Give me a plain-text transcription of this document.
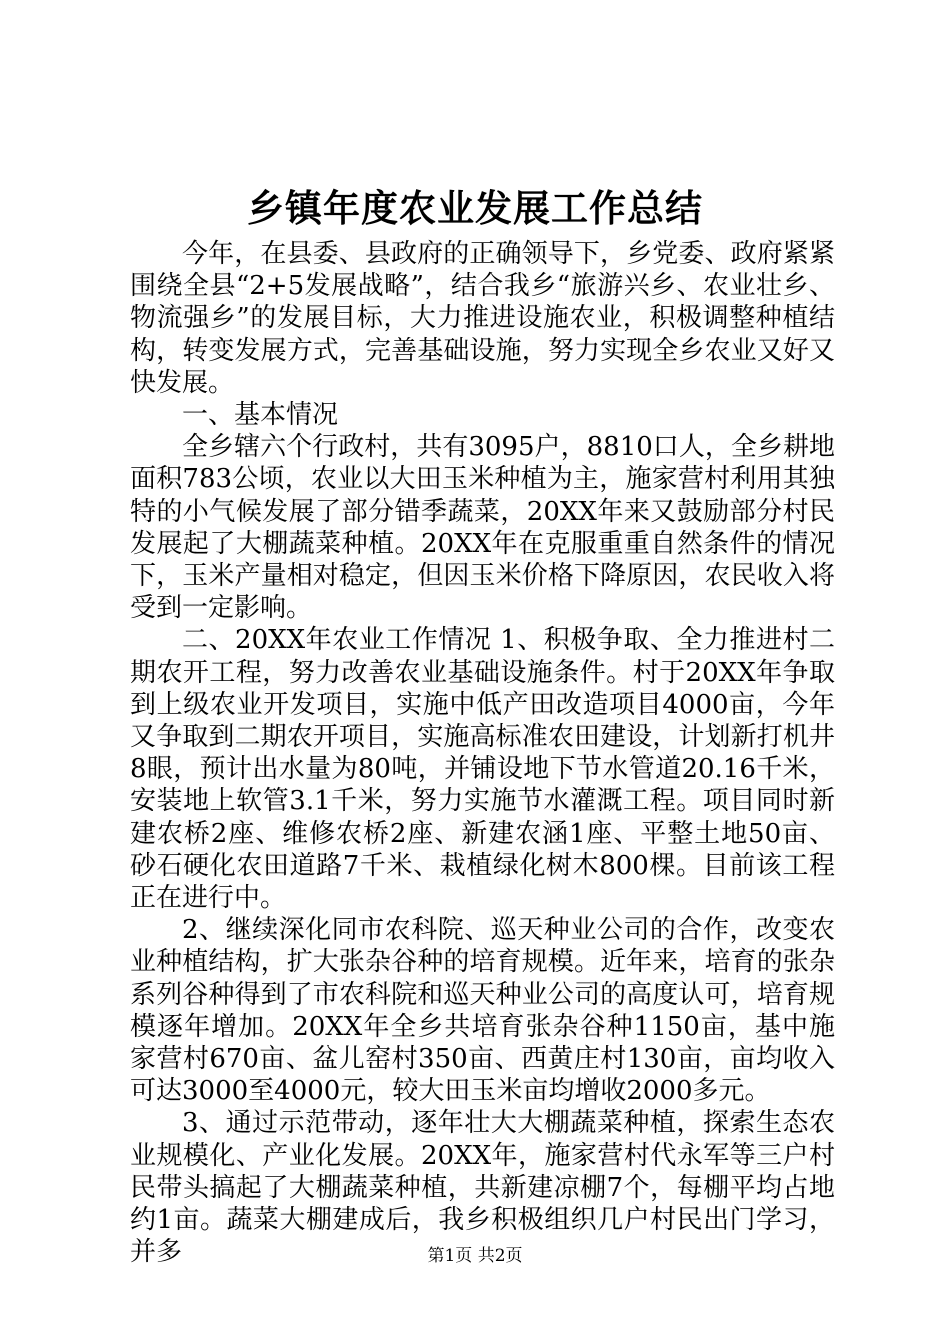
乡镇年度农业发展工作总结

今年，在县委、县政府的正确领导下，乡党委、政府紧紧围绕全县“2+5发展战略”，结合我乡“旅游兴乡、农业壮乡、物流强乡”的发展目标，大力推进设施农业，积极调整种植结构，转变发展方式，完善基础设施，努力实现全乡农业又好又快发展。

一、基本情况

全乡辖六个行政村，共有3095户，8810口人，全乡耕地面积783公顷，农业以大田玉米种植为主，施家营村利用其独特的小气候发展了部分错季蔬菜，20XX年来又鼓励部分村民发展起了大棚蔬菜种植。20XX年在克服重重自然条件的情况下，玉米产量相对稳定，但因玉米价格下降原因，农民收入将受到一定影响。

二、20XX年农业工作情况 1、积极争取、全力推进村二期农开工程，努力改善农业基础设施条件。村于20XX年争取到上级农业开发项目，实施中低产田改造项目4000亩，今年又争取到二期农开项目，实施高标准农田建设，计划新打机井8眼，预计出水量为80吨，并铺设地下节水管道20.16千米，安装地上软管3.1千米，努力实施节水灌溉工程。项目同时新建农桥2座、维修农桥2座、新建农涵1座、平整土地50亩、砂石硬化农田道路7千米、栽植绿化树木800棵。目前该工程正在进行中。

2、继续深化同市农科院、巡天种业公司的合作，改变农业种植结构，扩大张杂谷种的培育规模。近年来，培育的张杂系列谷种得到了市农科院和巡天种业公司的高度认可，培育规模逐年增加。20XX年全乡共培育张杂谷种1150亩，基中施家营村670亩、盆儿窑村350亩、西黄庄村130亩，亩均收入可达3000至4000元，较大田玉米亩均增收2000多元。

3、通过示范带动，逐年壮大大棚蔬菜种植，探索生态农业规模化、产业化发展。20XX年，施家营村代永军等三户村民带头搞起了大棚蔬菜种植，共新建凉棚7个，每棚平均占地约1亩。蔬菜大棚建成后，我乡积极组织几户村民出门学习，并多	第1页 共2页
